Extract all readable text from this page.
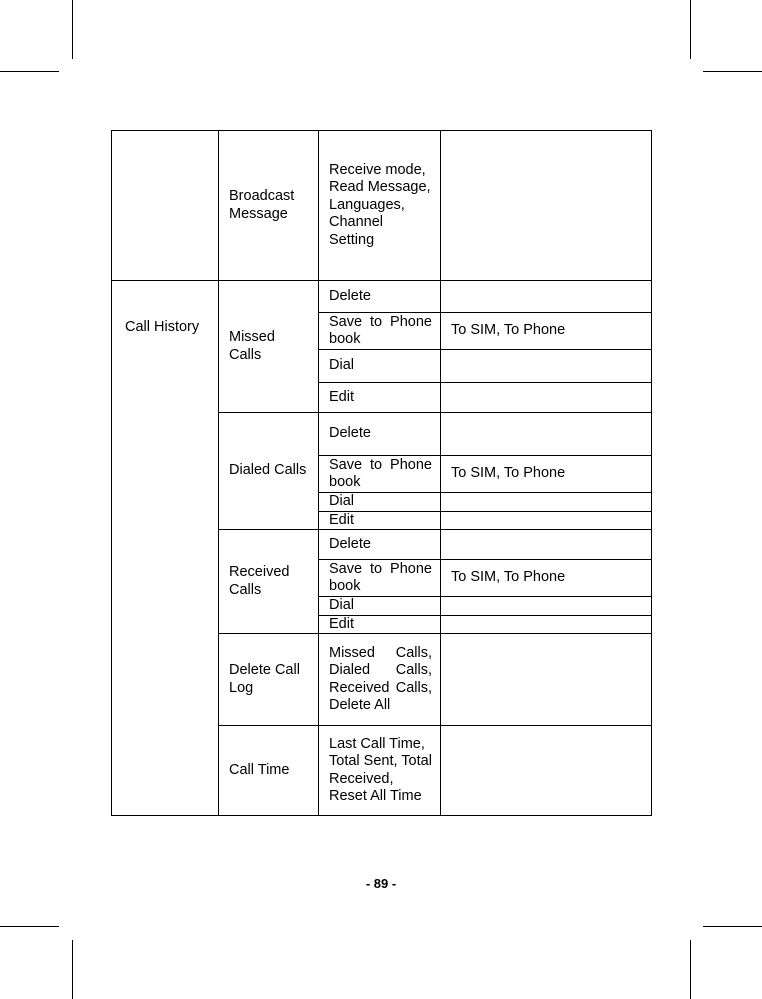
	Broadcast Message	Receive mode, Read Message, Languages, Channel Setting	
Call History	Missed Calls	Delete	
		Save to Phone book	To SIM, To Phone
		Dial	
		Edit	
	Dialed Calls	Delete	
		Save to Phone book	To SIM, To Phone
		Dial	
		Edit	
	Received Calls	Delete	
		Save to Phone book	To SIM, To Phone
		Dial	
		Edit	
	Delete Call Log	Missed Calls, Dialed Calls, Received Calls, Delete All	
	Call Time	Last Call Time, Total Sent, Total Received, Reset All Time	
- 89 -
